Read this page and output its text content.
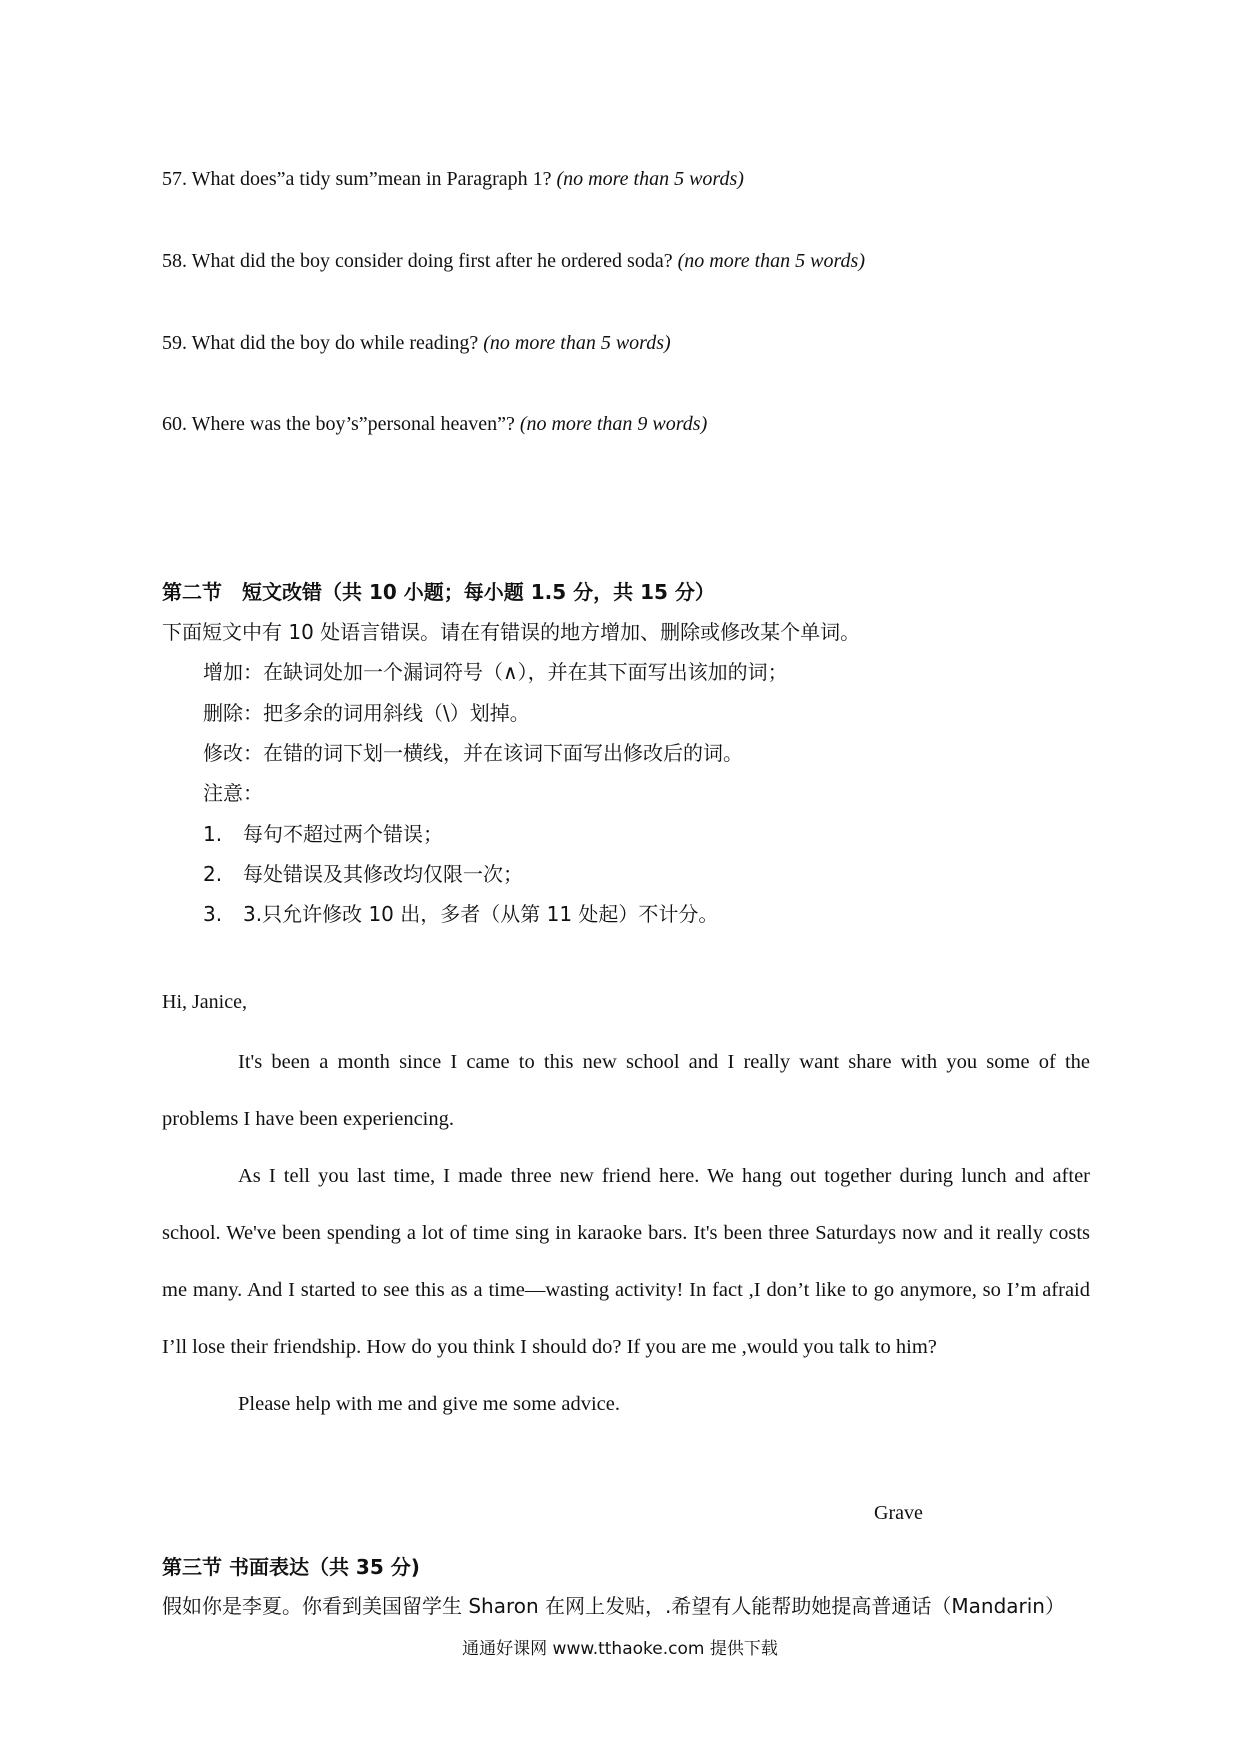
57. What does”a tidy sum”mean in Paragraph 1? (no more than 5 words)
58. What did the boy consider doing first after he ordered soda? (no more than 5 words)
59. What did the boy do while reading? (no more than 5 words)
60. Where was the boy’s”personal heaven”? (no more than 9 words)
第二节　短文改错（共 10 小题；每小题 1.5 分，共 15 分）
下面短文中有 10 处语言错误。请在有错误的地方增加、删除或修改某个单词。
增加：在缺词处加一个漏词符号（∧），并在其下面写出该加的词；
删除：把多余的词用斜线（\）划掉。
修改：在错的词下划一横线，并在该词下面写出修改后的词。
注意：
1. 每句不超过两个错误；
2. 每处错误及其修改均仅限一次；
3. 3.只允许修改 10 出，多者（从第 11 处起）不计分。
Hi, Janice,

It's been a month since I came to this new school and I really want share with you some of the problems I have been experiencing.

As I tell you last time, I made three new friend here. We hang out together during lunch and after school. We've been spending a lot of time sing in karaoke bars. It's been three Saturdays now and it really costs me many. And I started to see this as a time—wasting activity! In fact ,I don’t like to go anymore, so I’m afraid I’ll lose their friendship. How do you think I should do? If you are me ,would you talk to him?

Please help with me and give me some advice.

Grave
第三节 书面表达（共 35 分)
假如你是李夏。你看到美国留学生 Sharon 在网上发贴，.希望有人能帮助她提高普通话（Mandarin）
通通好课网 www.tthaoke.com 提供下载
